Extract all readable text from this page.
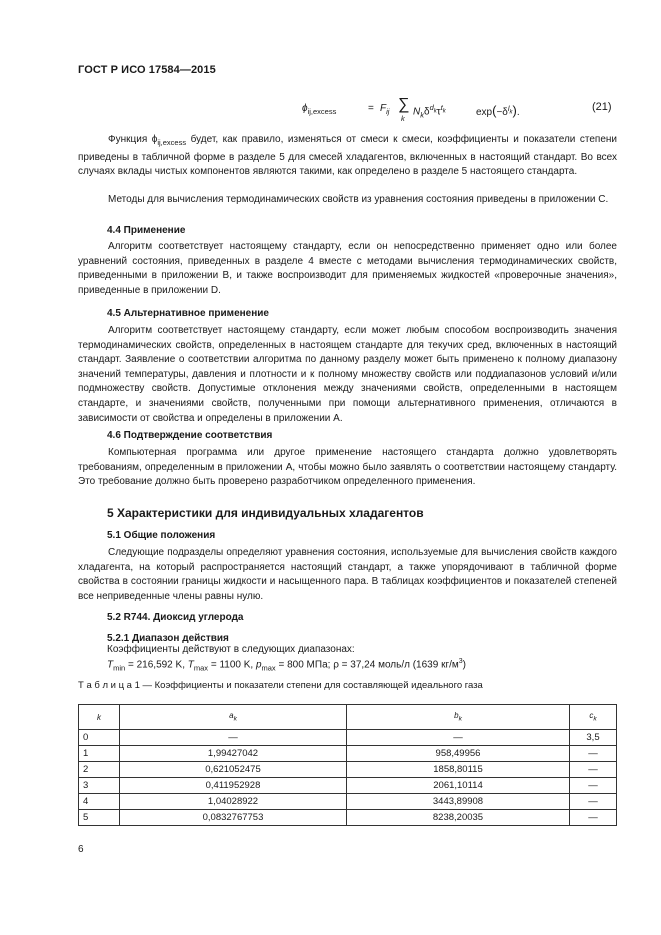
ГОСТ Р ИСО 17584—2015
$\phi_{ij,excess}$	= $F_{ij}$ ∑
k
$N_k\delta^{d_k}\tau^{t_k}$	$\exp(-\delta^{l_k})$.	(21)
Функция $\phi_{ij,excess}$ будет, как правило, изменяться от смеси к смеси, коэффициенты и показатели степени приведены в табличной форме в разделе 5 для смесей хладагентов, включенных в настоящий стандарт. Во всех случаях вклады чистых компонентов являются такими, как определено в разделе 5 настоящего стандарта.
Методы для вычисления термодинамических свойств из уравнения состояния приведены в приложении С.
4.4 Применение
Алгоритм соответствует настоящему стандарту, если он непосредственно применяет одно или более уравнений состояния, приведенных в разделе 4 вместе с методами вычисления термодинамических свойств, приведенными в приложении В, и также воспроизводит для применяемых жидкостей «проверочные значения», приведенные в приложении D.
4.5 Альтернативное применение
Алгоритм соответствует настоящему стандарту, если может любым способом воспроизводить значения термодинамических свойств, определенных в настоящем стандарте для текучих сред, включенных в настоящий стандарт. Заявление о соответствии алгоритма по данному разделу может быть применено к полному диапазону значений температуры, давления и плотности и к полному множеству свойств или поддиапазонов условий и/или подмножеству свойств. Допустимые отклонения между значениями свойств, определенными в настоящем стандарте, и значениями свойств, полученными при помощи альтернативного применения, отличаются в зависимости от свойства и определены в приложении А.
4.6 Подтверждение соответствия
Компьютерная программа или другое применение настоящего стандарта должно удовлетворять требованиям, определенным в приложении А, чтобы можно было заявлять о соответствии настоящему стандарту. Это требование должно быть проверено разработчиком определенного применения.
5 Характеристики для индивидуальных хладагентов
5.1 Общие положения
Следующие подразделы определяют уравнения состояния, используемые для вычисления свойств каждого хладагента, на который распространяется настоящий стандарт, а также упорядочивают в табличной форме свойства в состоянии границы жидкости и насыщенного пара. В таблицах коэффициентов и показателей степеней все неприведенные члены равны нулю.
5.2 R744. Диоксид углерода
5.2.1 Диапазон действия
Коэффициенты действуют в следующих диапазонах:
$T_{min} = 216,592$ K, $T_{max} = 1100$ K, $p_{max} = 800$ МПа; ρ = 37,24 моль/л (1639 $кг/м^3$)
Т а б л и ц а 1 — Коэффициенты и показатели степени для составляющей идеального газа
k	$a_k$	$b_k$	$c_k$
0	—	—	3,5
1	1,99427042	958,49956	—
2	0,621052475	1858,80115	—
3	0,411952928	2061,10114	—
4	1,04028922	3443,89908	—
5	0,0832767753	8238,20035	—
6
